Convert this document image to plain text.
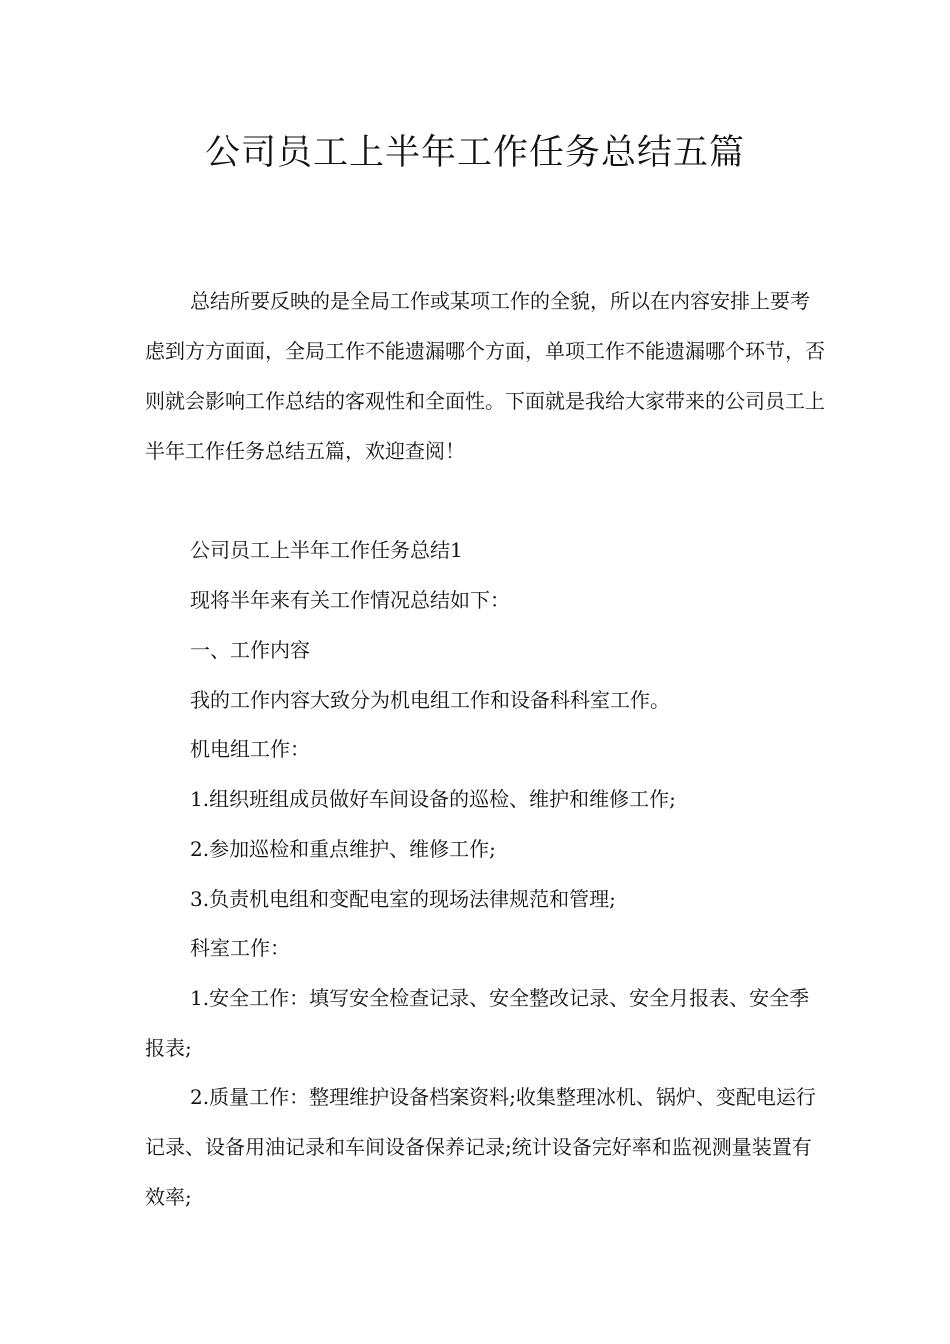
公司员工上半年工作任务总结五篇

总结所要反映的是全局工作或某项工作的全貌，所以在内容安排上要考虑到方方面面，全局工作不能遗漏哪个方面，单项工作不能遗漏哪个环节，否则就会影响工作总结的客观性和全面性。下面就是我给大家带来的公司员工上半年工作任务总结五篇，欢迎查阅！

公司员工上半年工作任务总结1

现将半年来有关工作情况总结如下：

一、工作内容

我的工作内容大致分为机电组工作和设备科科室工作。

机电组工作：

1.组织班组成员做好车间设备的巡检、维护和维修工作;

2.参加巡检和重点维护、维修工作;

3.负责机电组和变配电室的现场法律规范和管理;

科室工作：

1.安全工作：填写安全检查记录、安全整改记录、安全月报表、安全季报表;

2.质量工作：整理维护设备档案资料;收集整理冰机、锅炉、变配电运行记录、设备用油记录和车间设备保养记录;统计设备完好率和监视测量装置有效率;
